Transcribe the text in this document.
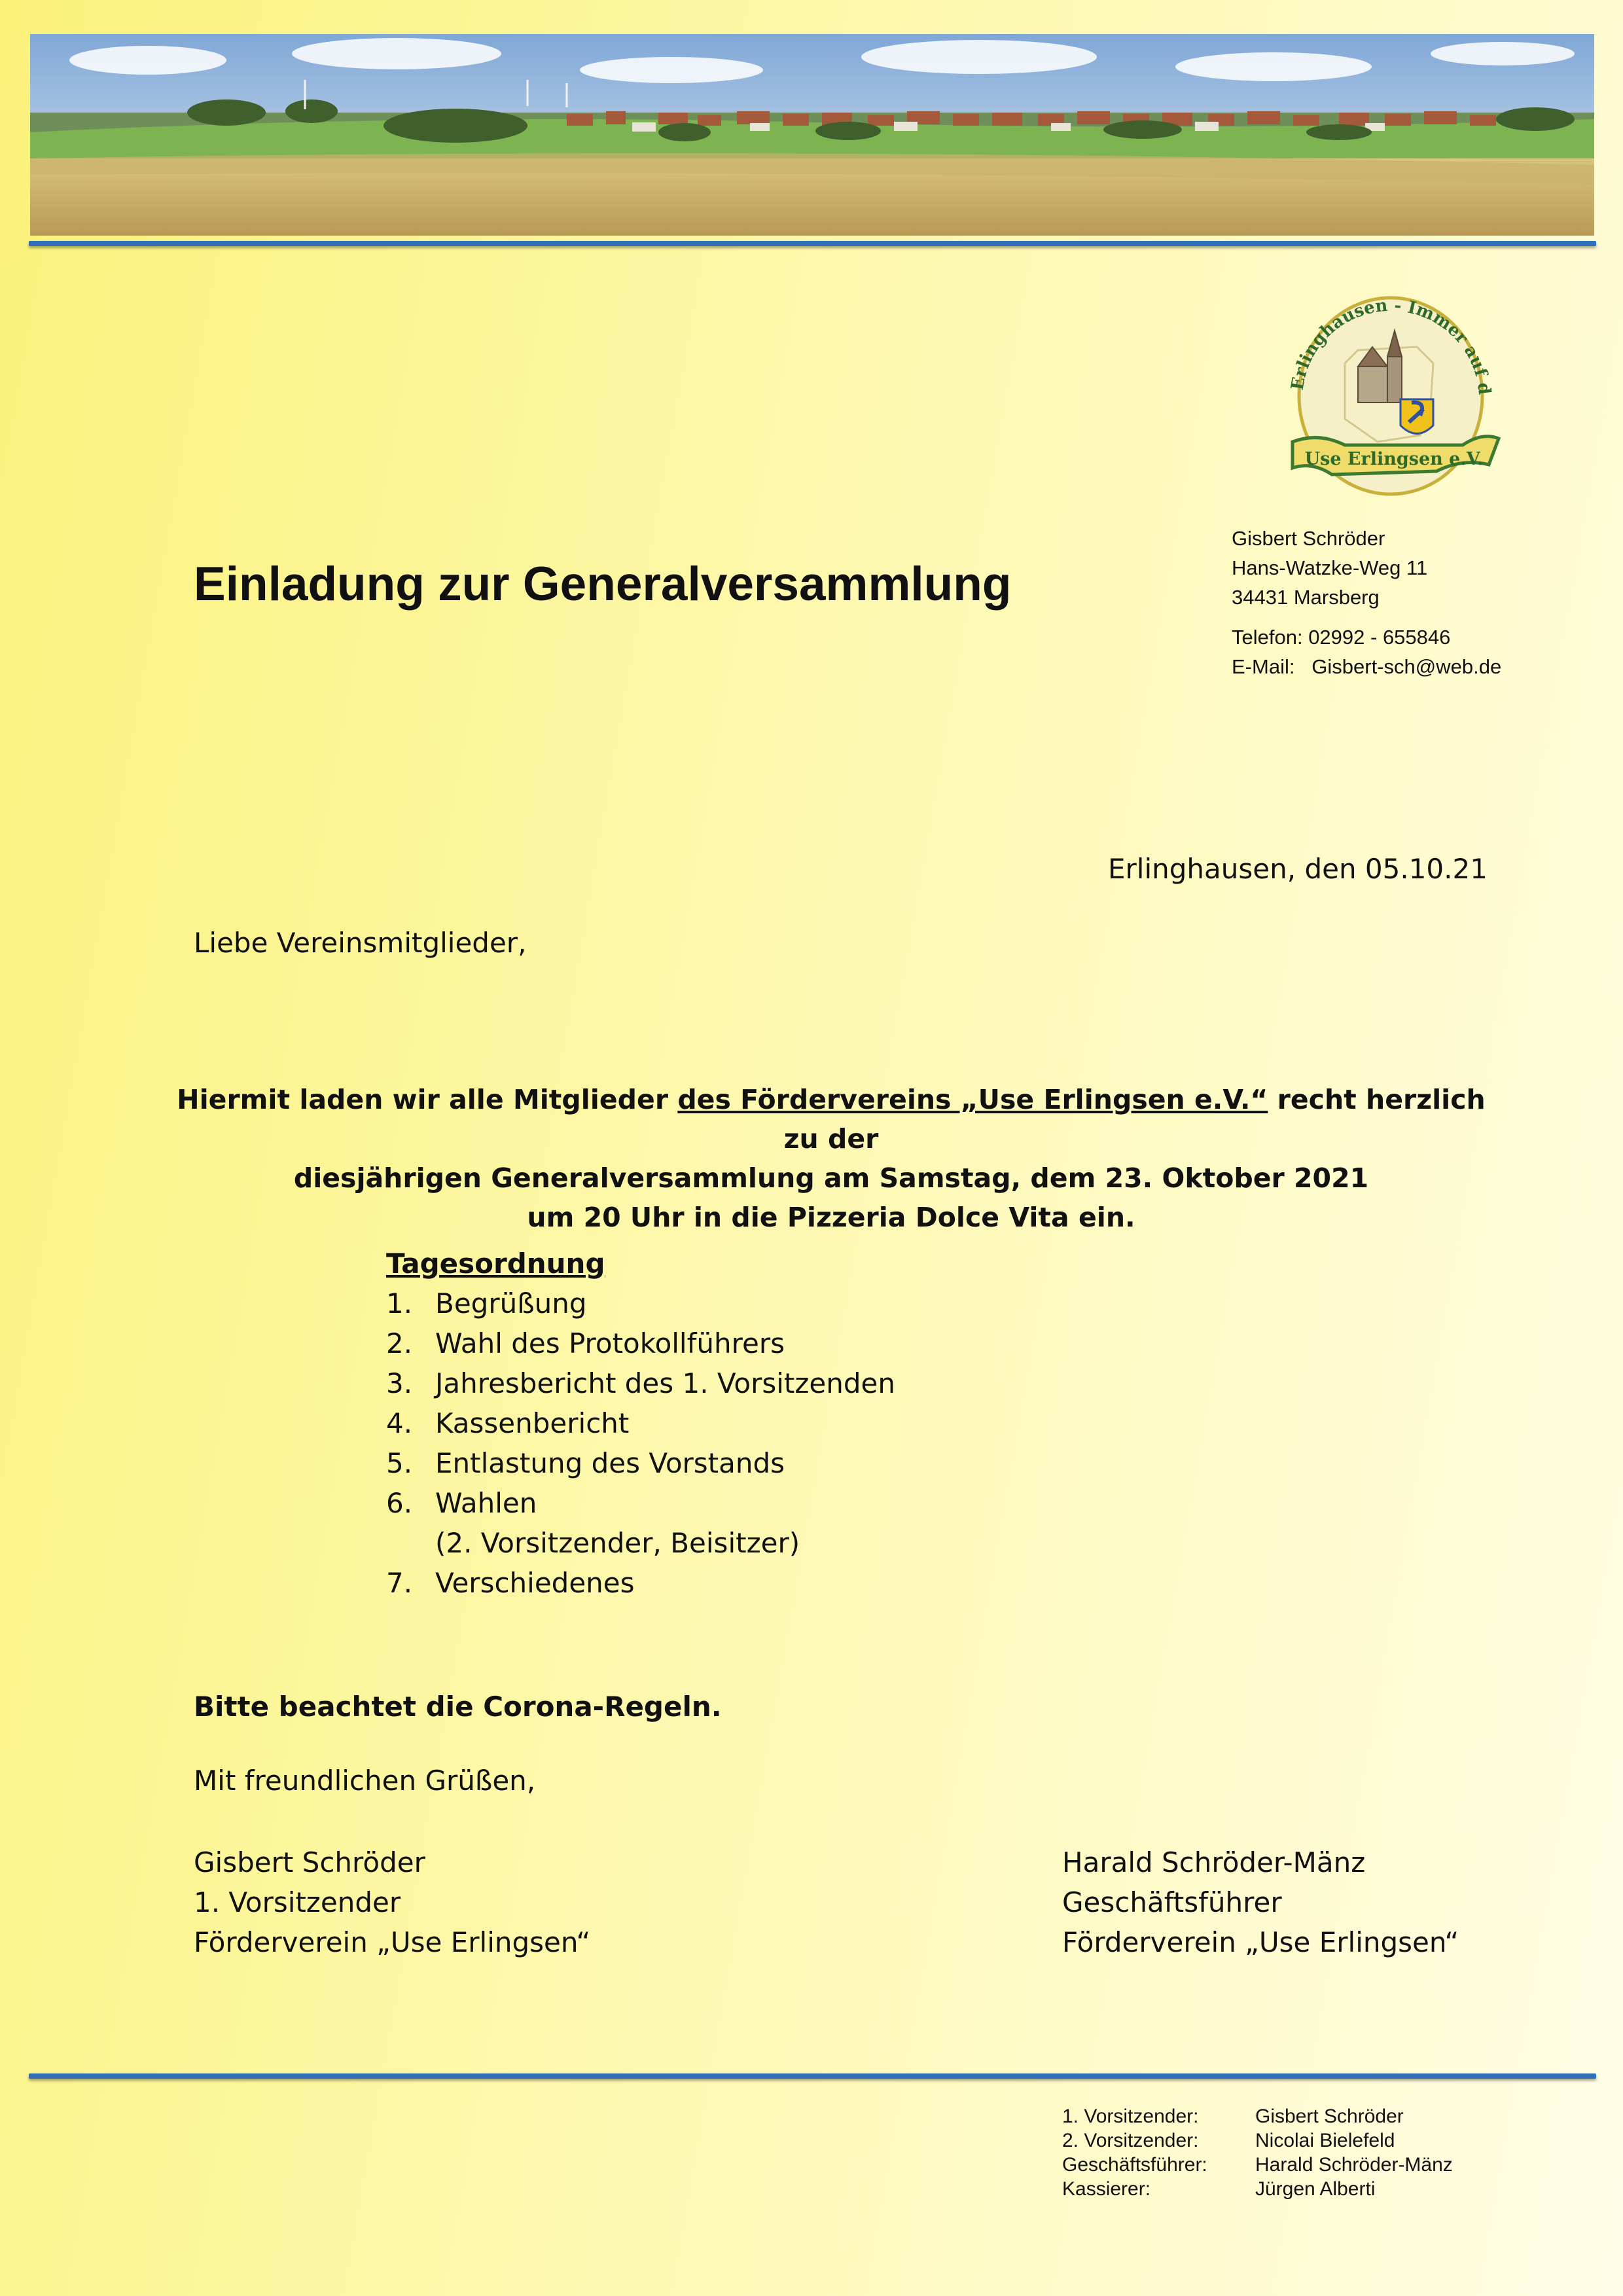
Erlinghausen - Immer auf d
Use Erlingsen e.V.
Gisbert Schröder
Hans-Watzke-Weg 11
34431 Marsberg
Telefon: 02992 - 655846
E-Mail: Gisbert-sch@web.de
Einladung zur Generalversammlung
Erlinghausen, den 05.10.21
Liebe Vereinsmitglieder,
Hiermit laden wir alle Mitglieder des Fördervereins „Use Erlingsen e.V.“ recht herzlich zu der
diesjährigen Generalversammlung am Samstag, dem 23. Oktober 2021
um 20 Uhr in die Pizzeria Dolce Vita ein.
Tagesordnung
1. Begrüßung
2. Wahl des Protokollführers
3. Jahresbericht des 1. Vorsitzenden
4. Kassenbericht
5. Entlastung des Vorstands
6. Wahlen
(2. Vorsitzender, Beisitzer)
7. Verschiedenes
Bitte beachtet die Corona-Regeln.
Mit freundlichen Grüßen,
Gisbert Schröder
1. Vorsitzender
Förderverein „Use Erlingsen“
Harald Schröder-Mänz
Geschäftsführer
Förderverein „Use Erlingsen“
1. Vorsitzender:	Gisbert Schröder
2. Vorsitzender:	Nicolai Bielefeld
Geschäftsführer:	Harald Schröder-Mänz
Kassierer:	Jürgen Alberti
